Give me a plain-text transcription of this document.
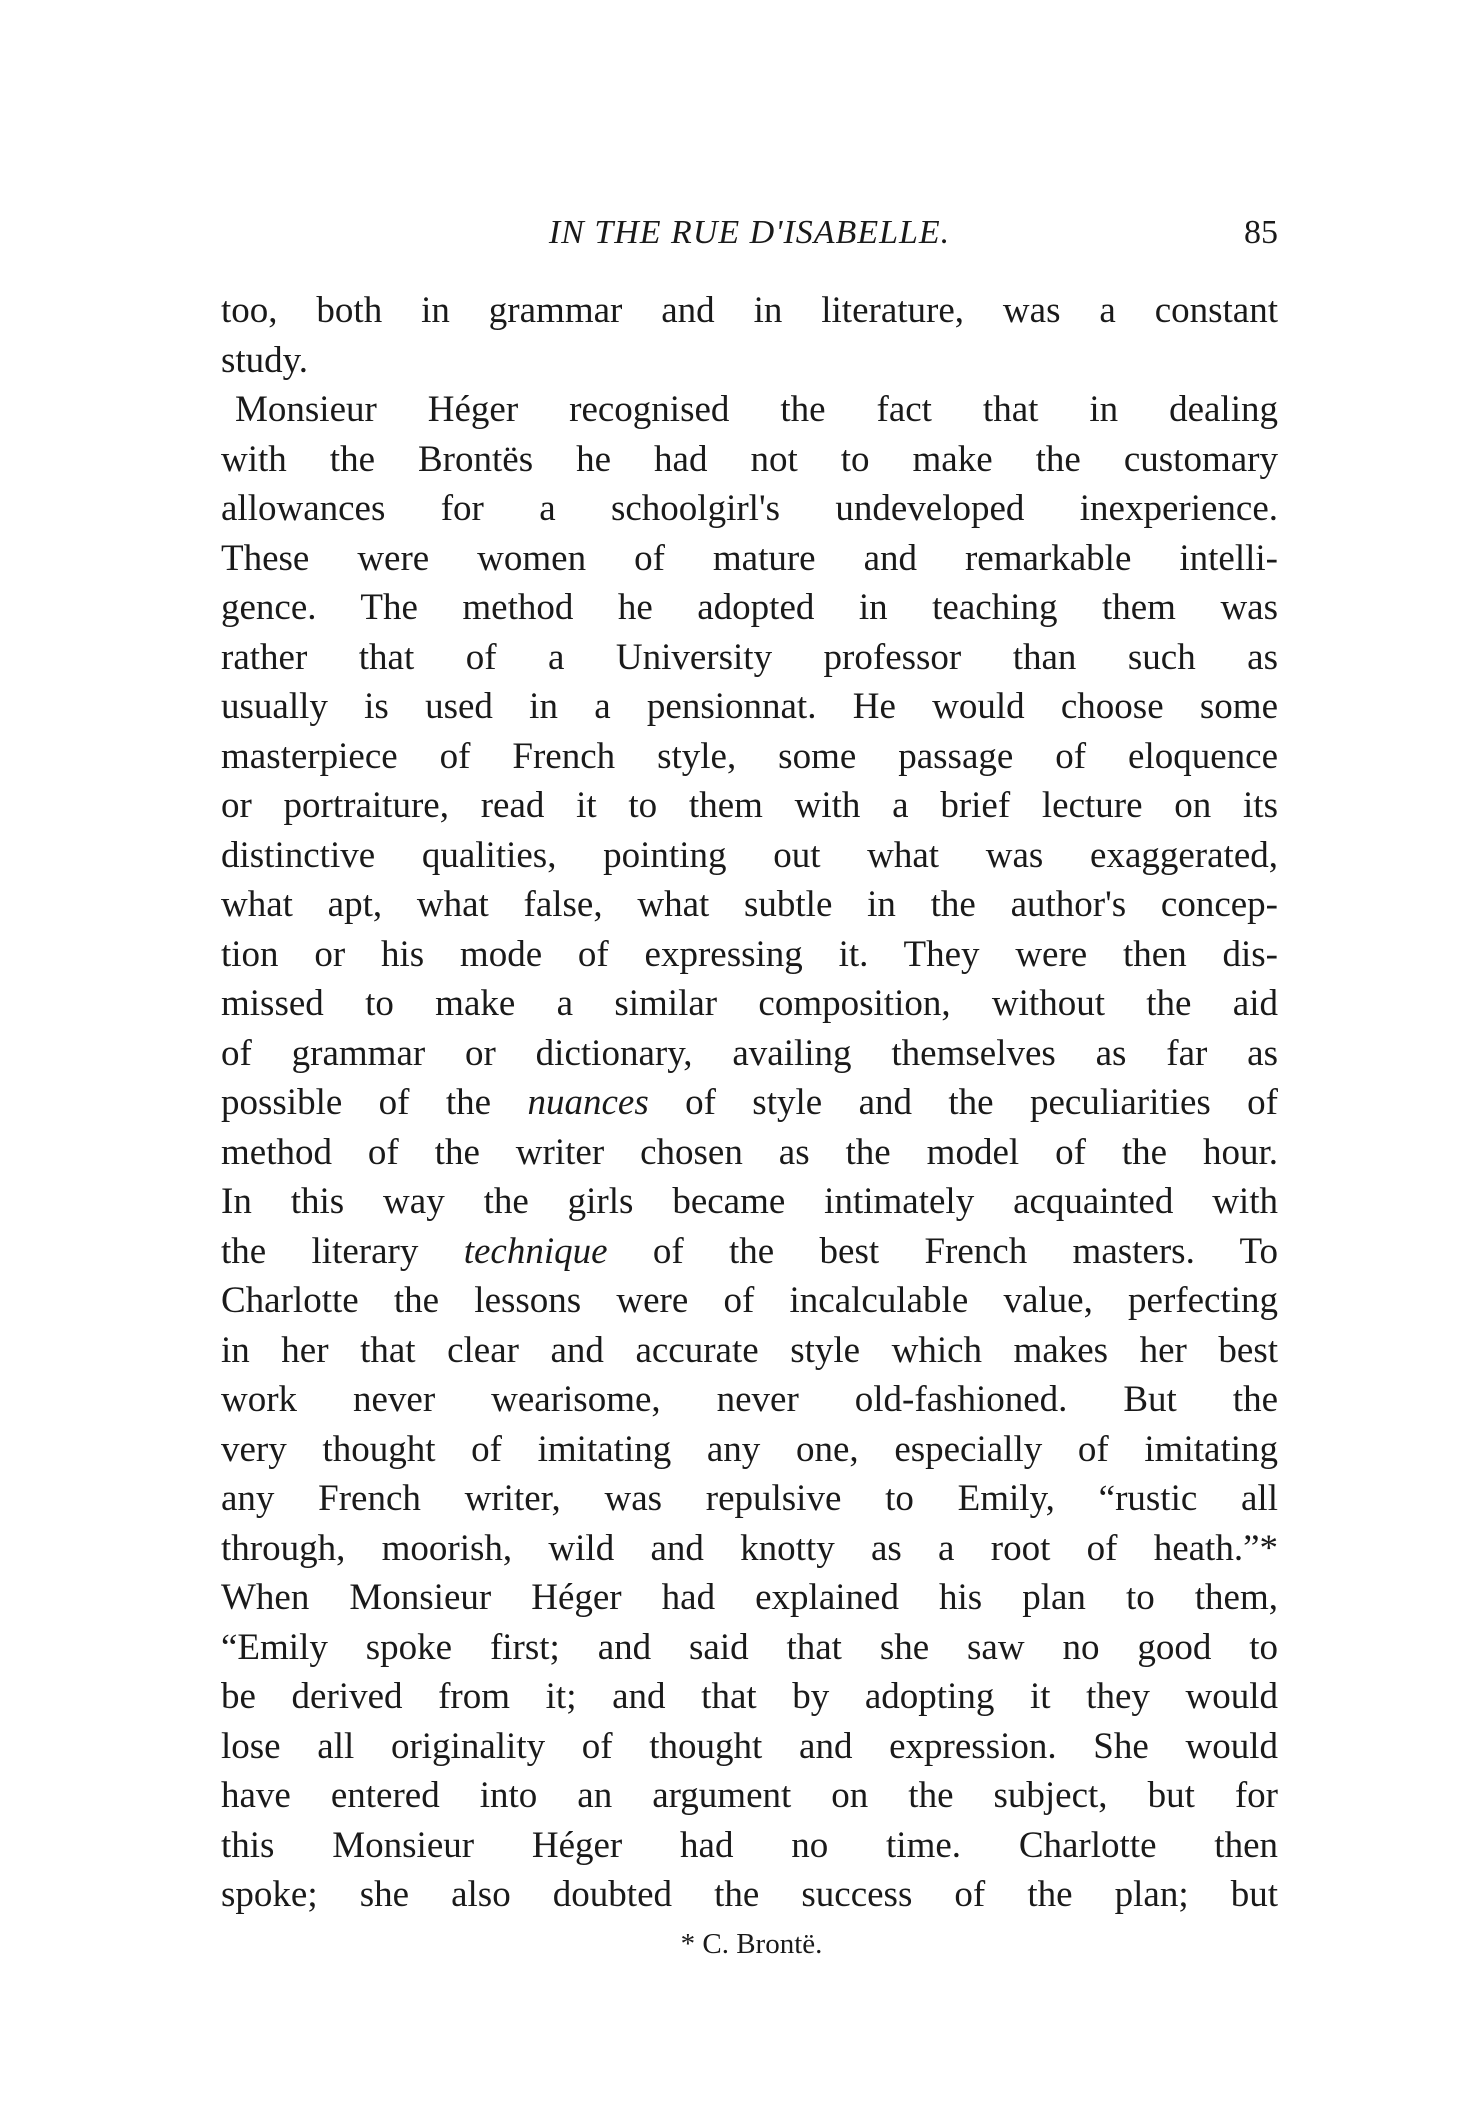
IN THE RUE D'ISABELLE.	85
too, both in grammar and in literature, was a constant
study.
Monsieur Héger recognised the fact that in dealing
with the Brontës he had not to make the customary
allowances for a schoolgirl's undeveloped inexperience.
These were women of mature and remarkable intelli-
gence. The method he adopted in teaching them was
rather that of a University professor than such as
usually is used in a pensionnat. He would choose some
masterpiece of French style, some passage of eloquence
or portraiture, read it to them with a brief lecture on its
distinctive qualities, pointing out what was exaggerated,
what apt, what false, what subtle in the author's concep-
tion or his mode of expressing it. They were then dis-
missed to make a similar composition, without the aid
of grammar or dictionary, availing themselves as far as
possible of the nuances of style and the peculiarities of
method of the writer chosen as the model of the hour.
In this way the girls became intimately acquainted with
the literary technique of the best French masters. To
Charlotte the lessons were of incalculable value, perfecting
in her that clear and accurate style which makes her best
work never wearisome, never old-fashioned. But the
very thought of imitating any one, especially of imitating
any French writer, was repulsive to Emily, “rustic all
through, moorish, wild and knotty as a root of heath.”*
When Monsieur Héger had explained his plan to them,
“Emily spoke first; and said that she saw no good to
be derived from it; and that by adopting it they would
lose all originality of thought and expression. She would
have entered into an argument on the subject, but for
this Monsieur Héger had no time. Charlotte then
spoke; she also doubted the success of the plan; but
* C. Brontë.
